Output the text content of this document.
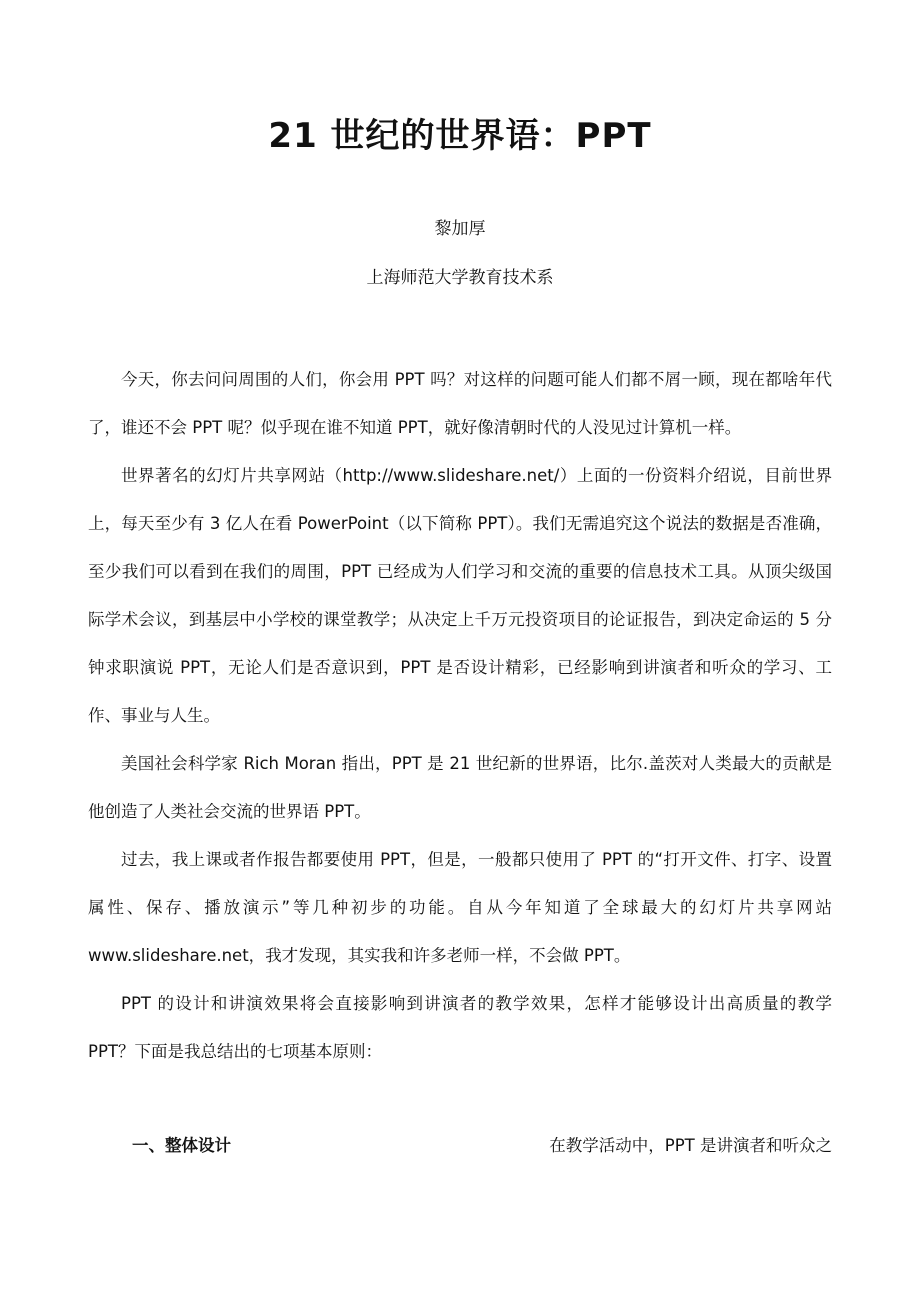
21 世纪的世界语：PPT
黎加厚
上海师范大学教育技术系

今天，你去问问周围的人们，你会用 PPT 吗？对这样的问题可能人们都不屑一顾，现在都啥年代了，谁还不会 PPT 呢？似乎现在谁不知道 PPT，就好像清朝时代的人没见过计算机一样。

世界著名的幻灯片共享网站（http://www.slideshare.net/）上面的一份资料介绍说，目前世界上，每天至少有 3 亿人在看 PowerPoint（以下简称 PPT）。我们无需追究这个说法的数据是否准确，至少我们可以看到在我们的周围，PPT 已经成为人们学习和交流的重要的信息技术工具。从顶尖级国际学术会议，到基层中小学校的课堂教学；从决定上千万元投资项目的论证报告，到决定命运的 5 分钟求职演说 PPT，无论人们是否意识到，PPT 是否设计精彩，已经影响到讲演者和听众的学习、工作、事业与人生。

美国社会科学家 Rich Moran 指出，PPT 是 21 世纪新的世界语，比尔.盖茨对人类最大的贡献是他创造了人类社会交流的世界语 PPT。

过去，我上课或者作报告都要使用 PPT，但是，一般都只使用了 PPT 的“打开文件、打字、设置属性、保存、播放演示”等几种初步的功能。自从今年知道了全球最大的幻灯片共享网站 www.slideshare.net，我才发现，其实我和许多老师一样，不会做 PPT。

PPT 的设计和讲演效果将会直接影响到讲演者的教学效果，怎样才能够设计出高质量的教学 PPT？下面是我总结出的七项基本原则：

一、整体设计	在教学活动中，PPT 是讲演者和听众之
